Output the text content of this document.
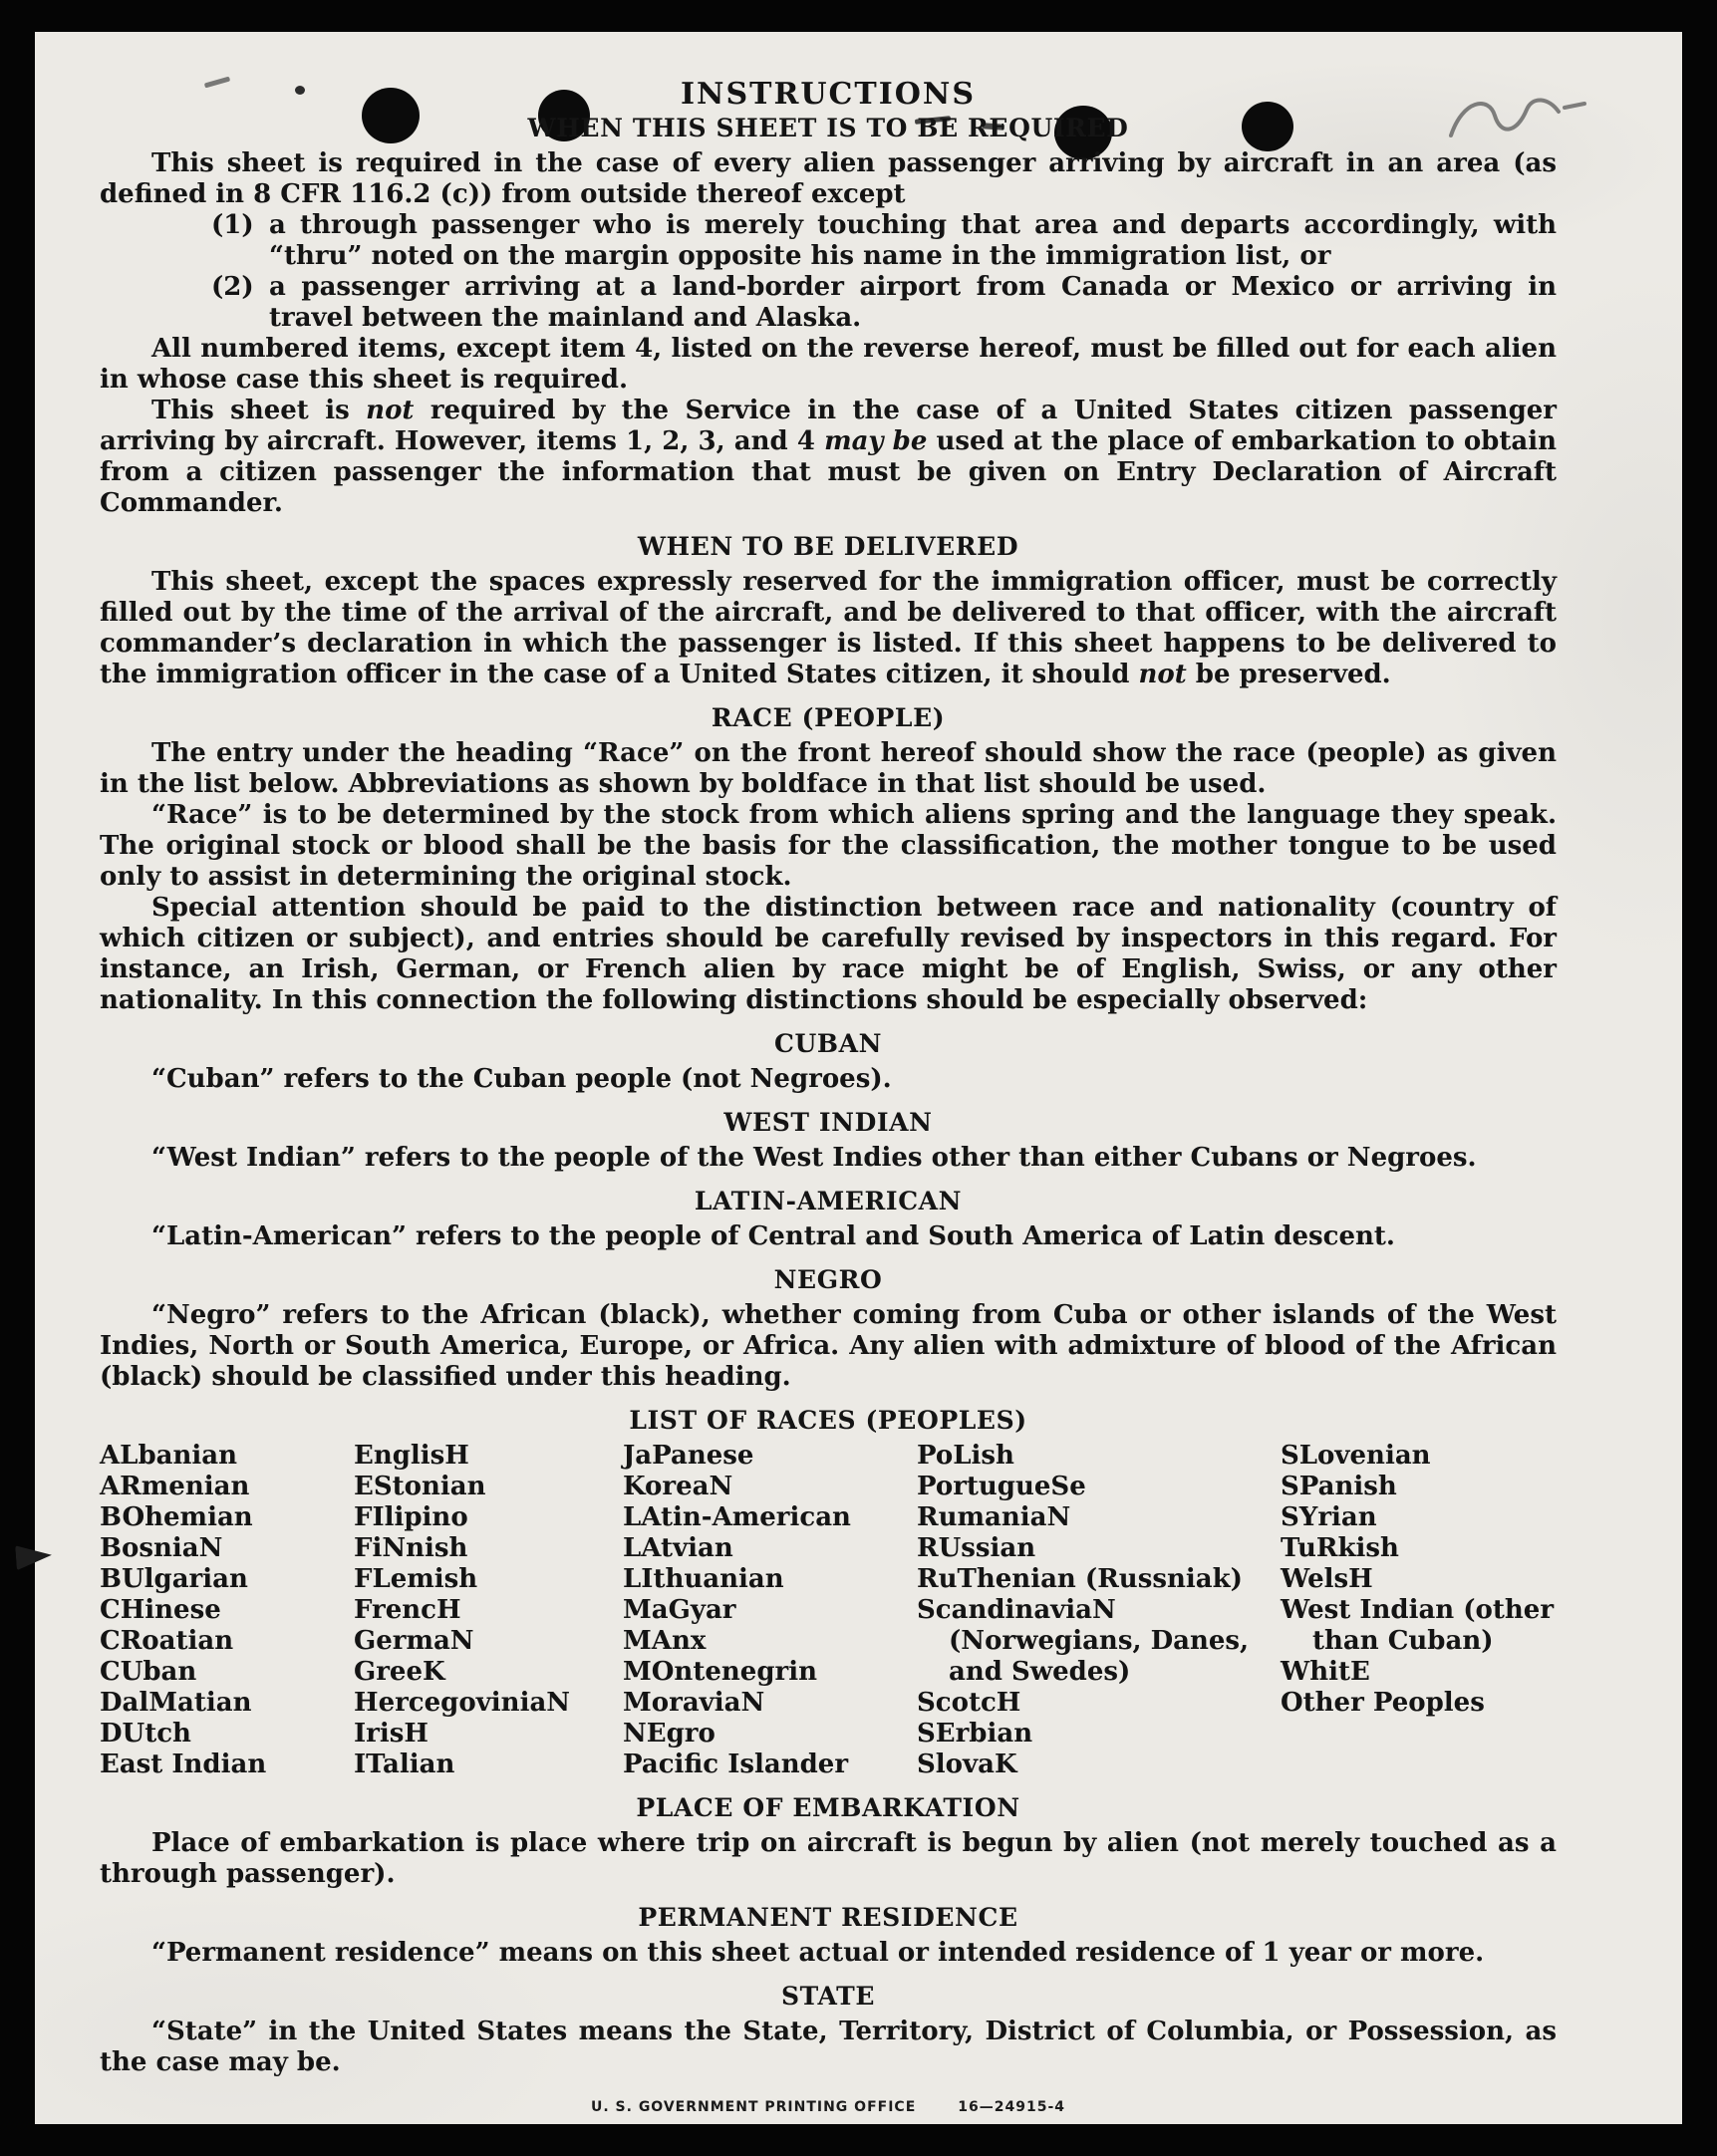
INSTRUCTIONS
WHEN THIS SHEET IS TO BE REQUIRED

This sheet is required in the case of every alien passenger arriving by aircraft in an area (as defined in 8 CFR 116.2 (c)) from outside thereof except

(1) a through passenger who is merely touching that area and departs accordingly, with “thru” noted on the margin opposite his name in the immigration list, or
(2) a passenger arriving at a land-border airport from Canada or Mexico or arriving in travel between the mainland and Alaska.

All numbered items, except item 4, listed on the reverse hereof, must be filled out for each alien in whose case this sheet is required.

This sheet is not required by the Service in the case of a United States citizen passenger arriving by aircraft. However, items 1, 2, 3, and 4 may be used at the place of embarkation to obtain from a citizen passenger the information that must be given on Entry Declaration of Aircraft Commander.

WHEN TO BE DELIVERED

This sheet, except the spaces expressly reserved for the immigration officer, must be correctly filled out by the time of the arrival of the aircraft, and be delivered to that officer, with the aircraft commander’s declaration in which the passenger is listed. If this sheet happens to be delivered to the immigration officer in the case of a United States citizen, it should not be preserved.

RACE (PEOPLE)

The entry under the heading “Race” on the front hereof should show the race (people) as given in the list below. Abbreviations as shown by boldface in that list should be used.

“Race” is to be determined by the stock from which aliens spring and the language they speak. The original stock or blood shall be the basis for the classification, the mother tongue to be used only to assist in determining the original stock.

Special attention should be paid to the distinction between race and nationality (country of which citizen or subject), and entries should be carefully revised by inspectors in this regard. For instance, an Irish, German, or French alien by race might be of English, Swiss, or any other nationality. In this connection the following distinctions should be especially observed:

CUBAN

“Cuban” refers to the Cuban people (not Negroes).

WEST INDIAN

“West Indian” refers to the people of the West Indies other than either Cubans or Negroes.

LATIN-AMERICAN

“Latin-American” refers to the people of Central and South America of Latin descent.

NEGRO

“Negro” refers to the African (black), whether coming from Cuba or other islands of the West Indies, North or South America, Europe, or Africa. Any alien with admixture of blood of the African (black) should be classified under this heading.

LIST OF RACES (PEOPLES)
ALbanian
ARmenian
BOhemian
BosniaN
BUlgarian
CHinese
CRoatian
CUban
DalMatian
DUtch
East Indian
EnglisH
EStonian
FIlipino
FiNnish
FLemish
FrencH
GermaN
GreeK
HercegoviniaN
IrisH
ITalian
JaPanese
KoreaN
LAtin-American
LAtvian
LIthuanian
MaGyar
MAnx
MOntenegrin
MoraviaN
NEgro
Pacific Islander
PoLish
PortugueSe
RumaniaN
RUssian
RuThenian (Russniak)
ScandinaviaN (Norwegians, Danes, and Swedes)
ScotcH
SErbian
SlovaK
SLovenian
SPanish
SYrian
TuRkish
WelsH
West Indian (other than Cuban)
WhitE
Other Peoples
PLACE OF EMBARKATION

Place of embarkation is place where trip on aircraft is begun by alien (not merely touched as a through passenger).

PERMANENT RESIDENCE

“Permanent residence” means on this sheet actual or intended residence of 1 year or more.

STATE

“State” in the United States means the State, Territory, District of Columbia, or Possession, as the case may be.

U. S. GOVERNMENT PRINTING OFFICE	16—24915-4
